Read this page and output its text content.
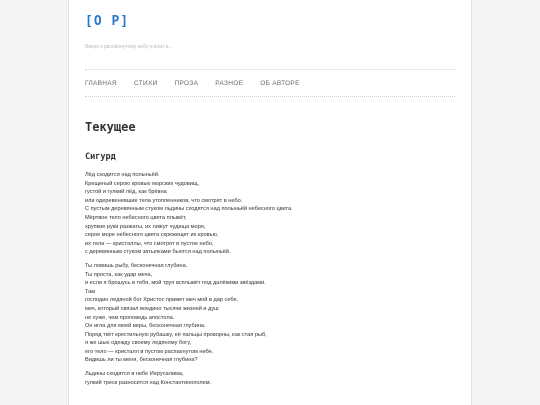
[О Р]
Вверх к распахнутому небу и вниз в...
ГЛАВНАЯ	СТИХИ	ПРОЗА	РАЗНОЕ	ОБ АВТОРЕ
Текущее
Сигурд
Лёд сходится над полыньёй.
Крещеный серою кровью морских чудовищ,
густой и гулкий лёд, как брёвна
или одеревеневшие тела утопленников, что смотрят в небо.
С пустым деревянным стуком льдины сходятся над полыньёй небесного цвета.
Мёртвое тело небесного цвета плывёт,
хрупкие руки разжаты, их лижут чудища моря,
серое море небесного цвета скрежещет их кровью,
их тела — кристаллы, что смотрят в пустое небо,
с деревянным стуком затылками бьются над полыньёй.
Ты ловишь рыбу, бесконечная глубина.
Ты проста, как удар меча,
и если я брошусь в тебя, мой труп всплывёт под далёкими звёздами.
Там
господин ледяной бог Христос примет меч мой в дар себе,
меч, который связал воедино тысячи жизней и душ
не хуже, чем проповедь апостола.
Он игла для моей веры, бесконечная глубина.
Поряд ткёт крестильную рубашку, её пальцы проворны, как стая рыб,
я же шью одежду своему ледяному богу,
его тело — кристалл в пустом распахнутом небе.
Видишь ли ты меня, бесконечная глубина?
Льдины сходятся в небе Иерусалима,
гулкий треск разносится над Константинополем.
